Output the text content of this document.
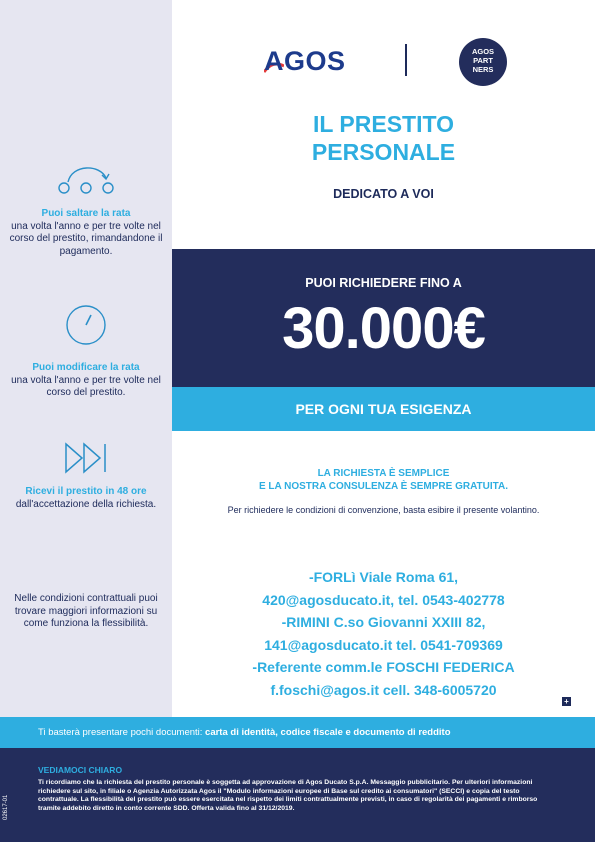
Puoi saltare la rata
una volta l'anno e per tre volte nel corso del prestito, rimandandone il pagamento.
Puoi modificare la rata
una volta l'anno e per tre volte nel corso del prestito.
Ricevi il prestito in 48 ore
dall'accettazione della richiesta.
Nelle condizioni contrattuali puoi trovare maggiori informazioni su come funziona la flessibilità.
AGOS	AGOS
PART
NERS
IL PRESTITO
PERSONALE
DEDICATO A VOI
PUOI RICHIEDERE FINO A
30.000€
PER OGNI TUA ESIGENZA
LA RICHIESTA È SEMPLICE
E LA NOSTRA CONSULENZA È SEMPRE GRATUITA.
Per richiedere le condizioni di convenzione, basta esibire il presente volantino.
-FORLì Viale Roma 61,
420@agosducato.it, tel. 0543-402778
-RIMINI C.so Giovanni XXIII 82,
141@agosducato.it tel. 0541-709369
-Referente comm.le FOSCHI FEDERICA
f.foschi@agos.it cell. 348-6005720
+
Ti basterà presentare pochi documenti: carta di identità, codice fiscale e documento di reddito
VEDIAMOCI CHIARO
Ti ricordiamo che la richiesta del prestito personale è soggetta ad approvazione di Agos Ducato S.p.A. Messaggio pubblicitario. Per ulteriori informazioni richiedere sul sito, in filiale o Agenzia Autorizzata Agos il "Modulo informazioni europee di Base sul credito ai consumatori" (SECCI) e copia del testo contrattuale. La flessibilità del prestito può essere esercitata nel rispetto dei limiti contrattualmente previsti, in caso di regolarità dei pagamenti e rimborso tramite addebito diretto in conto corrente SDD. Offerta valida fino al 31/12/2019.
02617-01
